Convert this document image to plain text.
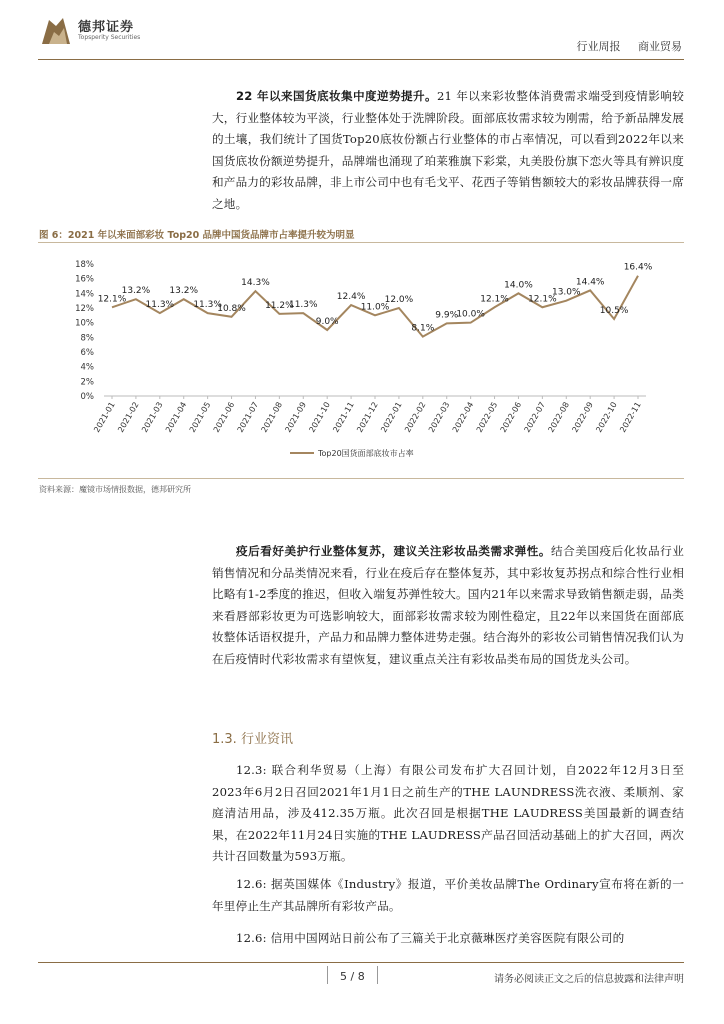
德邦证券
Topsperity Securities
行业周报 商业贸易
22 年以来国货底妆集中度逆势提升。21 年以来彩妆整体消费需求端受到疫情影响较大，行业整体较为平淡，行业整体处于洗牌阶段。面部底妆需求较为刚需，给予新品牌发展的土壤，我们统计了国货Top20底妆份额占行业整体的市占率情况，可以看到2022年以来国货底妆份额逆势提升，品牌端也涌现了珀莱雅旗下彩棠，丸美股份旗下恋火等具有辨识度和产品力的彩妆品牌，非上市公司中也有毛戈平、花西子等销售额较大的彩妆品牌获得一席之地。
图 6：2021 年以来面部彩妆 Top20 品牌中国货品牌市占率提升较为明显
0%
2%
4%
6%
8%
10%
12%
14%
16%
18%
2021-01 2021-02 2021-03 2021-04 2021-05 2021-06 2021-07 2021-08 2021-09 2021-10 2021-11 2021-12 2022-01 2022-02 2022-03 2022-04 2022-05 2022-06 2022-07 2022-08 2022-09 2022-10 2022-11
12.1%
13.2%
11.3%
13.2%
11.3%
10.8%
14.3%
11.2%
11.3%
9.0%
12.4%
11.0%
12.0%
8.1%
9.9%
10.0%
12.1%
14.0%
12.1%
13.0%
14.4%
10.5%
16.4%
Top20国货面部底妆市占率
资料来源：魔镜市场情报数据，德邦研究所
疫后看好美护行业整体复苏，建议关注彩妆品类需求弹性。结合美国疫后化妆品行业销售情况和分品类情况来看，行业在疫后存在整体复苏，其中彩妆复苏拐点和综合性行业相比略有1-2季度的推迟，但收入端复苏弹性较大。国内21年以来需求导致销售额走弱，品类来看唇部彩妆更为可选影响较大，面部彩妆需求较为刚性稳定，且22年以来国货在面部底妆整体话语权提升，产品力和品牌力整体进势走强。结合海外的彩妆公司销售情况我们认为在后疫情时代彩妆需求有望恢复，建议重点关注有彩妆品类布局的国货龙头公司。
1.3. 行业资讯
12.3: 联合利华贸易（上海）有限公司发布扩大召回计划，自2022年12月3日至2023年6月2日召回2021年1月1日之前生产的THE LAUNDRESS洗衣液、柔顺剂、家庭清洁用品，涉及412.35万瓶。此次召回是根据THE LAUDRESS美国最新的调查结果，在2022年11月24日实施的THE LAUDRESS产品召回活动基础上的扩大召回，两次共计召回数量为593万瓶。
12.6: 据英国媒体《Industry》报道，平价美妆品牌The Ordinary宣布将在新的一年里停止生产其品牌所有彩妆产品。
12.6: 信用中国网站日前公布了三篇关于北京薇琳医疗美容医院有限公司的
5 / 8	请务必阅读正文之后的信息披露和法律声明
